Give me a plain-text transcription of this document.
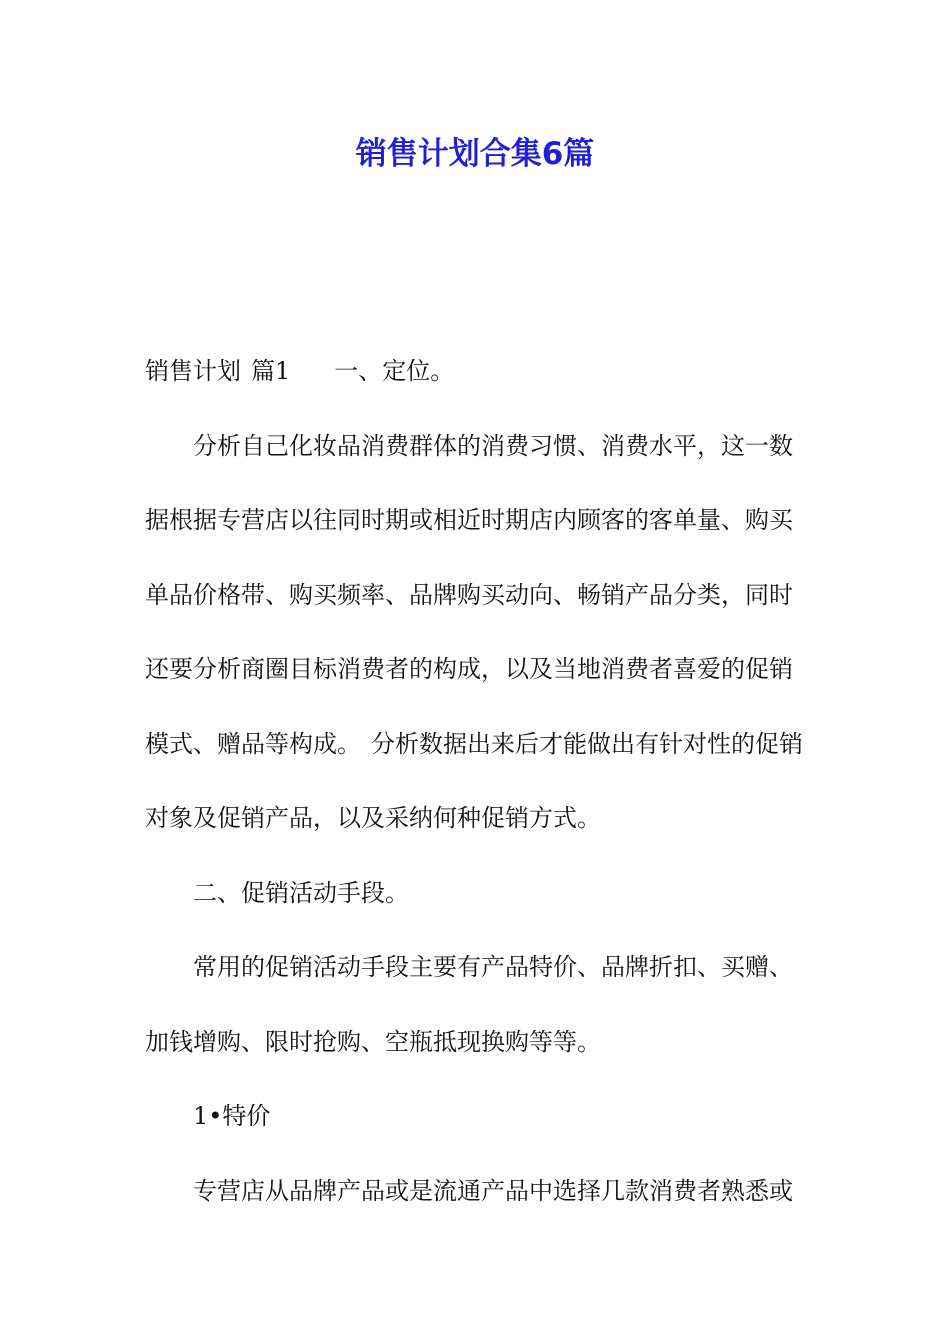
销售计划合集6篇
销售计划 篇1 一、定位。
分析自己化妆品消费群体的消费习惯、消费水平，这一数
据根据专营店以往同时期或相近时期店内顾客的客单量、购买
单品价格带、购买频率、品牌购买动向、畅销产品分类，同时
还要分析商圈目标消费者的构成，以及当地消费者喜爱的促销
模式、赠品等构成。 分析数据出来后才能做出有针对性的促销
对象及促销产品，以及采纳何种促销方式。
二、促销活动手段。
常用的促销活动手段主要有产品特价、品牌折扣、买赠、
加钱增购、限时抢购、空瓶抵现换购等等。
1•特价
专营店从品牌产品或是流通产品中选择几款消费者熟悉或
